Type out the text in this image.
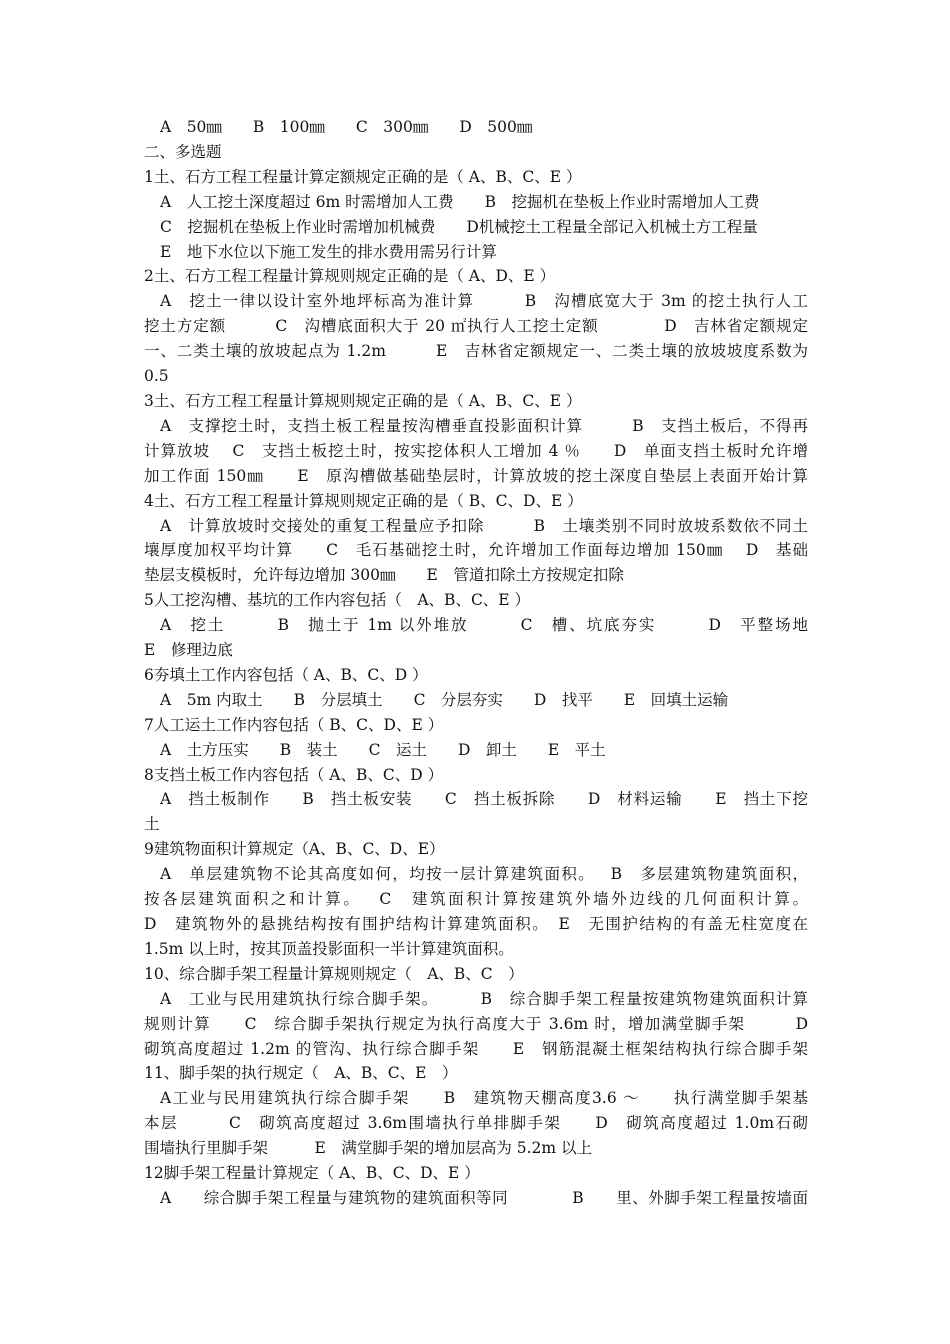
A　50㎜　　B　100㎜　　C　300㎜　　D　500㎜
二、多选题
1土、石方工程工程量计算定额规定正确的是（ A、B、C、E ）
A　人工挖土深度超过 6m 时需增加人工费　　B　挖掘机在垫板上作业时需增加人工费
C　挖掘机在垫板上作业时需增加机械费　　D机械挖土工程量全部记入机械土方工程量
E　地下水位以下施工发生的排水费用需另行计算
2土、石方工程工程量计算规则规定正确的是（ A、D、E ）
A　挖土一律以设计室外地坪标高为准计算　　　B　沟槽底宽大于 3m 的挖土执行人工
挖土方定额　　　C　沟槽底面积大于 20 ㎡执行人工挖土定额　　　　D　吉林省定额规定
一、二类土壤的放坡起点为 1.2m　　　E　吉林省定额规定一、二类土壤的放坡坡度系数为
0.5
3土、石方工程工程量计算规则规定正确的是（ A、B、C、E ）
A　支撑挖土时，支挡土板工程量按沟槽垂直投影面积计算　　　B　支挡土板后，不得再
计算放坡　 C　支挡土板挖土时，按实挖体积人工增加 4 ％　　D　单面支挡土板时允许增
加工作面 150㎜　　E　原沟槽做基础垫层时，计算放坡的挖土深度自垫层上表面开始计算
4土、石方工程工程量计算规则规定正确的是（ B、C、D、E ）
A　计算放坡时交接处的重复工程量应予扣除　　　B　土壤类别不同时放坡系数依不同土
壤厚度加权平均计算　　C　毛石基础挖土时，允许增加工作面每边增加 150㎜　 D　基础
垫层支模板时，允许每边增加 300㎜　　E　管道扣除土方按规定扣除
5人工挖沟槽、基坑的工作内容包括（　A、B、C、E ）
A　挖土　　　B　抛土于 1m 以外堆放　　　C　槽、坑底夯实　　　D　平整场地
E　修理边底
6夯填土工作内容包括（ A、B、C、D ）
A　5m 内取土　　B　分层填土　　C　分层夯实　　D　找平　　E　回填土运输
7人工运土工作内容包括（ B、C、D、E ）
A　土方压实　　B　装土　　C　运土　　D　卸土　　E　平土
8支挡土板工作内容包括（ A、B、C、D ）
A　挡土板制作　　B　挡土板安装　　C　挡土板拆除　　D　材料运输　　E　挡土下挖
土
9建筑物面积计算规定（A、B、C、D、E）
A　单层建筑物不论其高度如何，均按一层计算建筑面积。　 B　多层建筑物建筑面积，
按各层建筑面积之和计算。　 C　建筑面积计算按建筑外墙外边线的几何面积计算。
D　建筑物外的悬挑结构按有围护结构计算建筑面积。　E　无围护结构的有盖无柱宽度在
1.5m 以上时，按其顶盖投影面积一半计算建筑面积。
10、综合脚手架工程量计算规则规定（　A、B、C　）
A　工业与民用建筑执行综合脚手架。　　　B　综合脚手架工程量按建筑物建筑面积计算
规则计算　　C　综合脚手架执行规定为执行高度大于 3.6m 时，增加满堂脚手架　　　D
砌筑高度超过 1.2m 的管沟、执行综合脚手架　　E　钢筋混凝土框架结构执行综合脚手架
11、脚手架的执行规定（　A、B、C、E　）
A工业与民用建筑执行综合脚手架　　B　建筑物天棚高度3.6 ～　　执行满堂脚手架基
本层　　　C　砌筑高度超过 3.6m围墙执行单排脚手架　　D　砌筑高度超过 1.0m石砌
围墙执行里脚手架　　　E　满堂脚手架的增加层高为 5.2m 以上
12脚手架工程量计算规定（ A、B、C、D、E ）
A　　综合脚手架工程量与建筑物的建筑面积等同　　　　B　　里、外脚手架工程量按墙面
